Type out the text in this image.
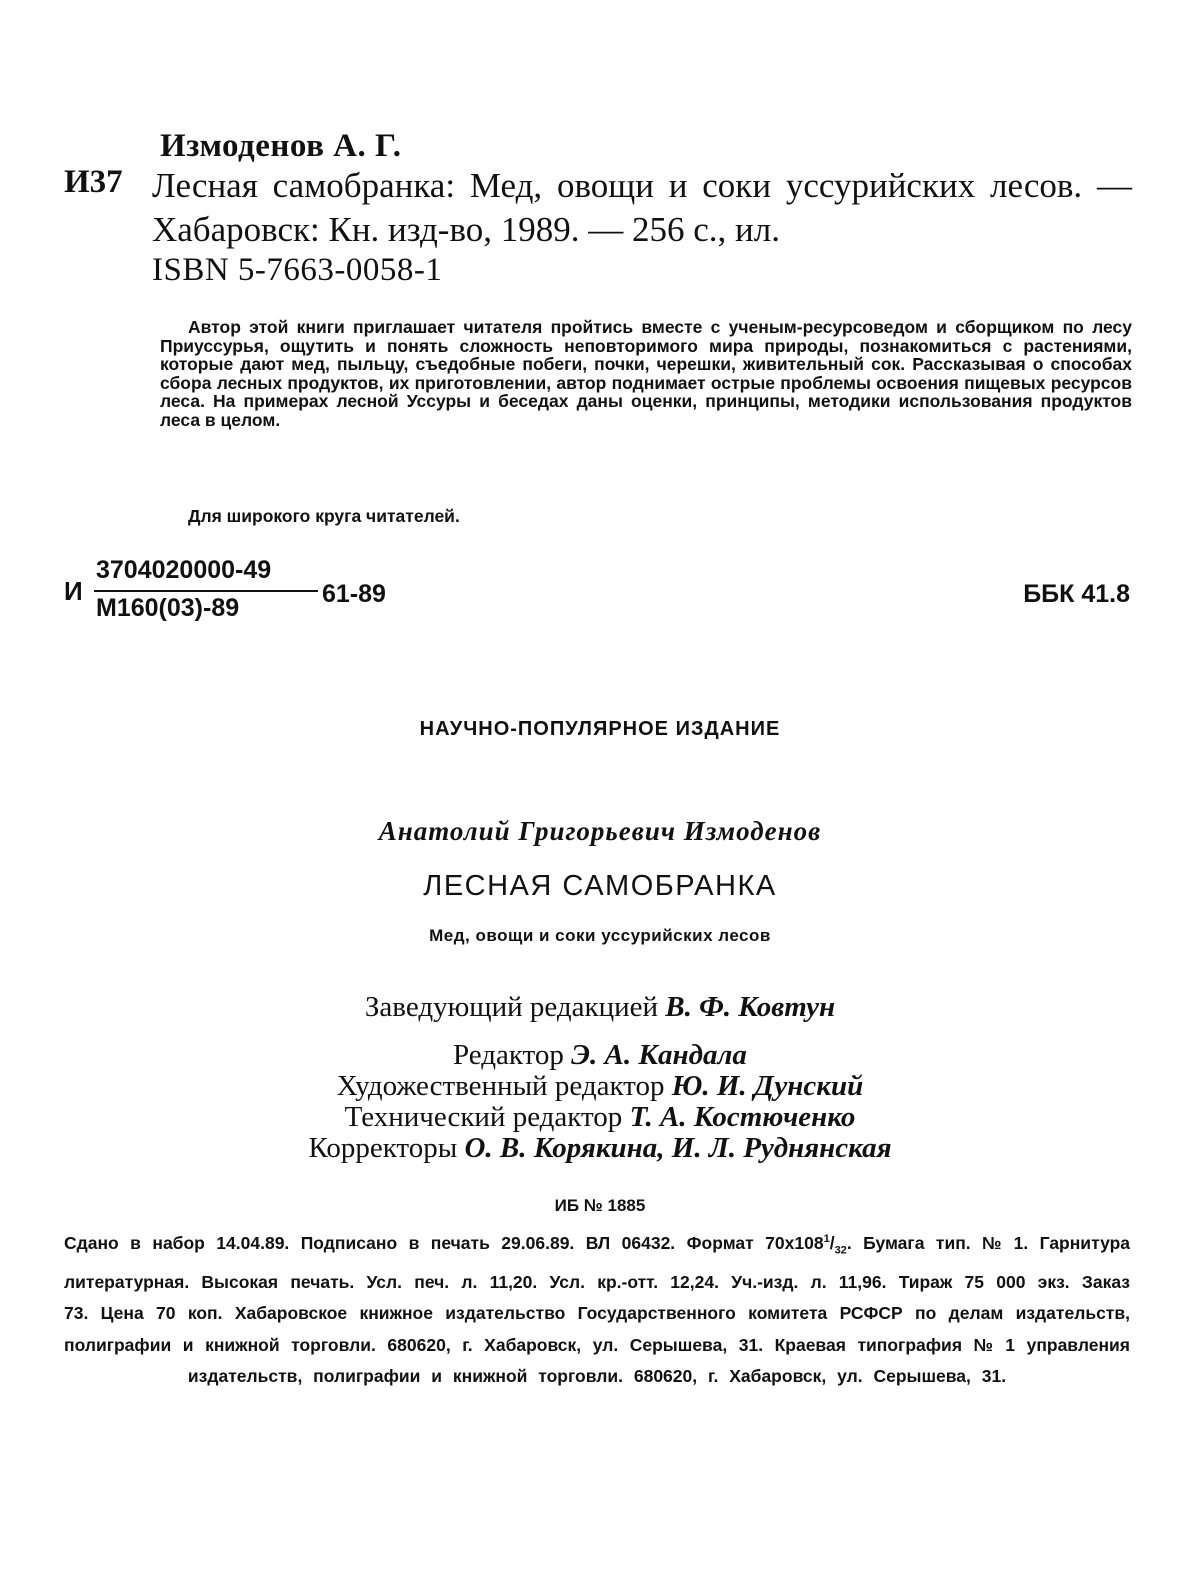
Измоденов А. Г.
И37 Лесная самобранка: Мед, овощи и соки уссурийских лесов. — Хабаровск: Кн. изд-во, 1989. — 256 с., ил.
ISBN 5-7663-0058-1

Автор этой книги приглашает читателя пройтись вместе с ученым-ресурсоведом и сборщиком по лесу Приуссурья, ощутить и понять сложность неповторимого мира природы, познакомиться с растениями, которые дают мед, пыльцу, съедобные побеги, почки, черешки, живительный сок. Рассказывая о способах сбора лесных продуктов, их приготовлении, автор поднимает острые проблемы освоения пищевых ресурсов леса. На примерах лесной Уссуры и беседах даны оценки, принципы, методики использования продуктов леса в целом.

Для широкого круга читателей.
И
3704020000-49
М160(03)-89	61-89	ББК 41.8
НАУЧНО-ПОПУЛЯРНОЕ ИЗДАНИЕ
Анатолий Григорьевич Измоденов
ЛЕСНАЯ САМОБРАНКА
Мед, овощи и соки уссурийских лесов
Заведующий редакцией В. Ф. Ковтун
Редактор Э. А. Кандала
Художественный редактор Ю. И. Дунский
Технический редактор Т. А. Костюченко
Корректоры О. В. Корякина, И. Л. Руднянская
ИБ № 1885

Сдано в набор 14.04.89. Подписано в печать 29.06.89. ВЛ 06432. Формат $70x108^1/_{32}$. Бумага тип. № 1. Гарнитура литературная. Высокая печать. Усл. печ. л. 11,20. Усл. кр.-отт. 12,24. Уч.-изд. л. 11,96. Тираж 75 000 экз. Заказ 73. Цена 70 коп. Хабаровское книжное издательство Государственного комитета РСФСР по делам издательств, полиграфии и книжной торговли. 680620, г. Хабаровск, ул. Серышева, 31. Краевая типография № 1 управления издательств, полиграфии и книжной торговли. 680620, г. Хабаровск, ул. Серышева, 31.
